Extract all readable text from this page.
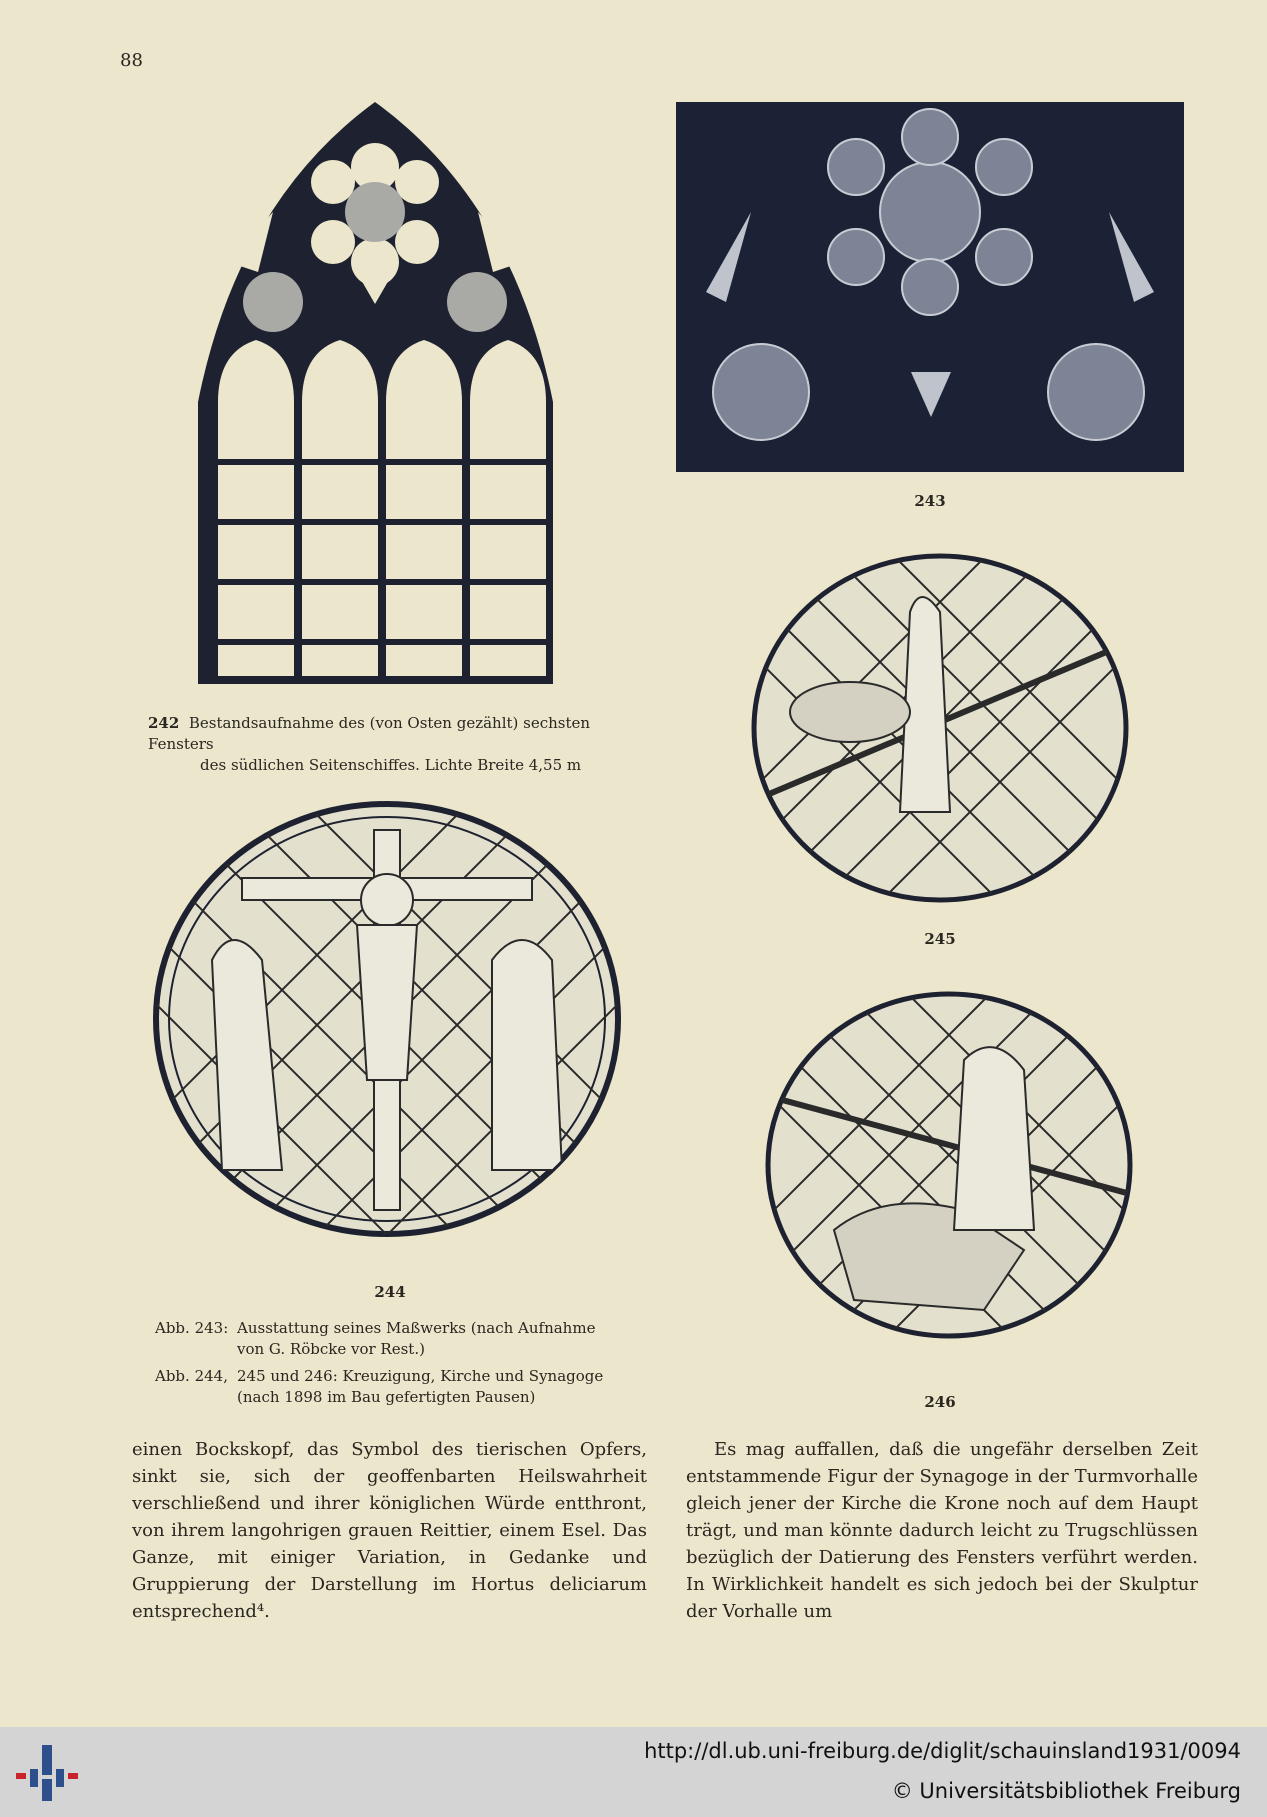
88
242 Bestandsaufnahme des (von Osten gezählt) sechsten Fensters
des südlichen Seitenschiffes. Lichte Breite 4,55 m
243
245
244
246
Abb. 243: Ausstattung seines Maßwerks (nach Aufnahme von G. Röbcke vor Rest.)
Abb. 244, 245 und 246: Kreuzigung, Kirche und Synagoge (nach 1898 im Bau gefertigten Pausen)

einen Bockskopf, das Symbol des tierischen Opfers, sinkt sie, sich der geoffenbarten Heilswahrheit verschließend und ihrer königlichen Würde entthront, von ihrem langohrigen grauen Reittier, einem Esel. Das Ganze, mit einiger Variation, in Gedanke und Gruppierung der Darstellung im Hortus deliciarum entsprechend⁴.

Es mag auffallen, daß die ungefähr derselben Zeit entstammende Figur der Synagoge in der Turmvorhalle gleich jener der Kirche die Krone noch auf dem Haupt trägt, und man könnte dadurch leicht zu Trugschlüssen bezüglich der Datierung des Fensters verführt werden. In Wirklichkeit handelt es sich jedoch bei der Skulptur der Vorhalle um

http://dl.ub.uni-freiburg.de/diglit/schauinsland1931/0094
© Universitätsbibliothek Freiburg
